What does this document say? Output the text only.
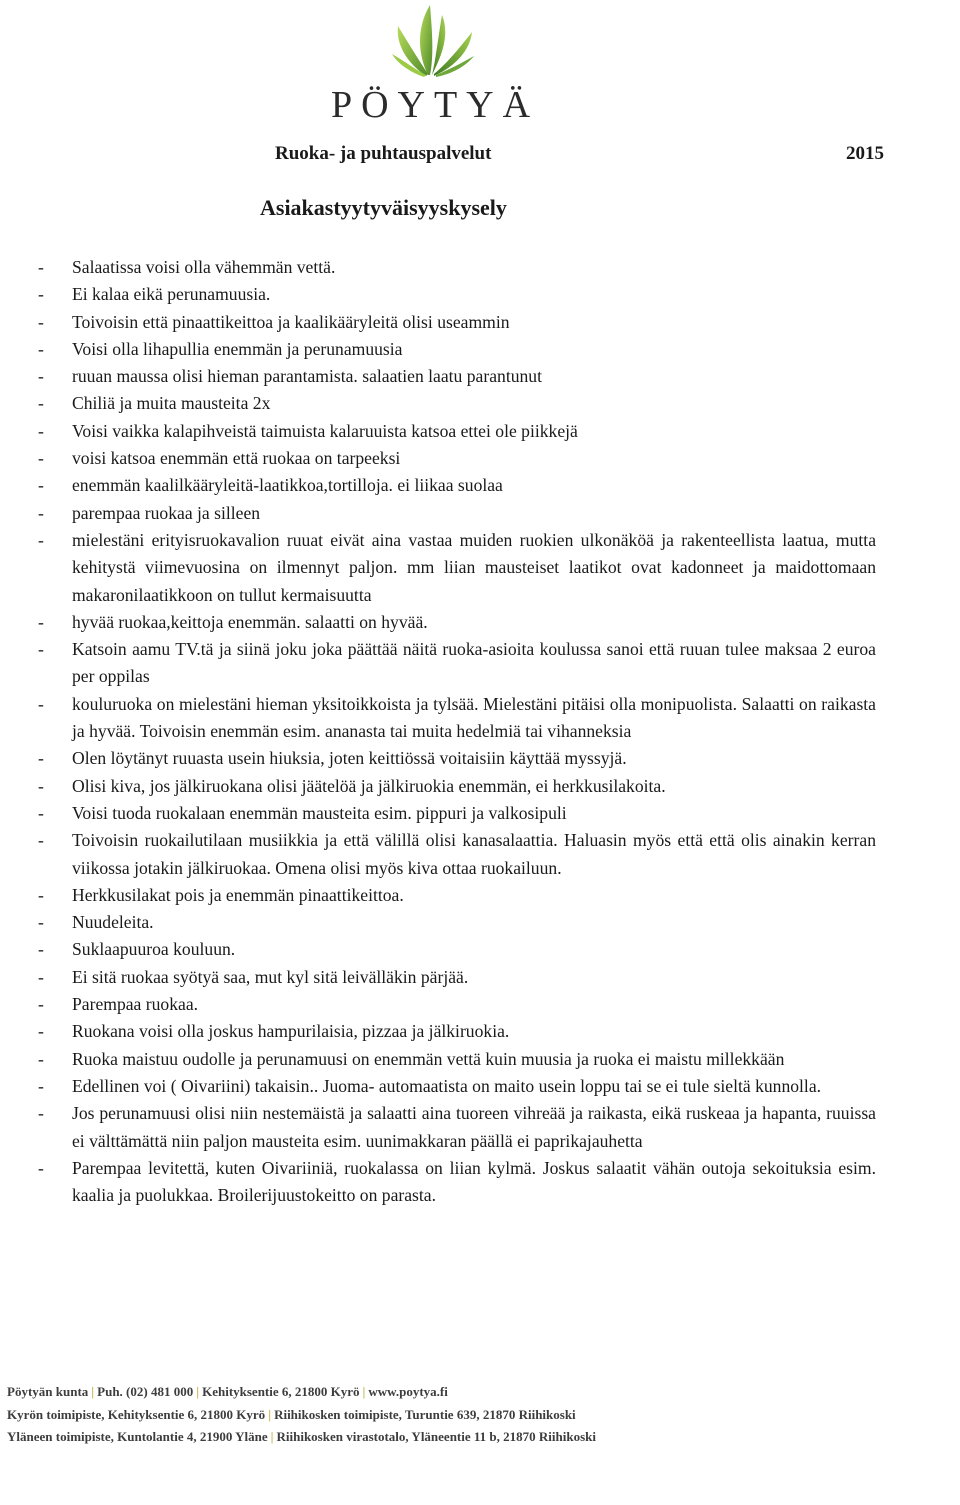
PÖYTYÄ
Ruoka- ja puhtauspalvelut	2015
Asiakastyytyväisyyskysely
- Salaatissa voisi olla vähemmän vettä.
- Ei kalaa eikä perunamuusia.
- Toivoisin että pinaattikeittoa ja kaalikääryleitä olisi useammin
- Voisi olla lihapullia enemmän ja perunamuusia
- ruuan maussa olisi hieman parantamista. salaatien laatu parantunut
- Chiliä ja muita mausteita 2x
- Voisi vaikka kalapihveistä taimuista kalaruuista katsoa ettei ole piikkejä
- voisi katsoa enemmän että ruokaa on tarpeeksi
- enemmän kaalilkääryleitä-laatikkoa,tortilloja. ei liikaa suolaa
- parempaa ruokaa ja silleen
- mielestäni erityisruokavalion ruuat eivät aina vastaa muiden ruokien ulkonäköä ja rakenteellista laatua, mutta kehitystä viimevuosina on ilmennyt paljon. mm liian mausteiset laatikot ovat kadonneet ja maidottomaan makaronilaatikkoon on tullut kermaisuutta
- hyvää ruokaa,keittoja enemmän. salaatti on hyvää.
- Katsoin aamu TV.tä ja siinä joku joka päättää näitä ruoka-asioita koulussa sanoi että ruuan tulee maksaa 2 euroa per oppilas
- kouluruoka on mielestäni hieman yksitoikkoista ja tylsää. Mielestäni pitäisi olla monipuolista. Salaatti on raikasta ja hyvää. Toivoisin enemmän esim. ananasta tai muita hedelmiä tai vihanneksia
- Olen löytänyt ruuasta usein hiuksia, joten keittiössä voitaisiin käyttää myssyjä.
- Olisi kiva, jos jälkiruokana olisi jäätelöä ja jälkiruokia enemmän, ei herkkusilakoita.
- Voisi tuoda ruokalaan enemmän mausteita esim. pippuri ja valkosipuli
- Toivoisin ruokailutilaan musiikkia ja että välillä olisi kanasalaattia. Haluasin myös että että olis ainakin kerran viikossa jotakin jälkiruokaa. Omena olisi myös kiva ottaa ruokailuun.
- Herkkusilakat pois ja enemmän pinaattikeittoa.
- Nuudeleita.
- Suklaapuuroa kouluun.
- Ei sitä ruokaa syötyä saa, mut kyl sitä leivälläkin pärjää.
- Parempaa ruokaa.
- Ruokana voisi olla joskus hampurilaisia, pizzaa ja jälkiruokia.
- Ruoka maistuu oudolle ja perunamuusi on enemmän vettä kuin muusia ja ruoka ei maistu millekkään
- Edellinen voi ( Oivariini) takaisin.. Juoma- automaatista on maito usein loppu tai se ei tule sieltä kunnolla.
- Jos perunamuusi olisi niin nestemäistä ja salaatti aina tuoreen vihreää ja raikasta, eikä ruskeaa ja hapanta, ruuissa ei välttämättä niin paljon mausteita esim. uunimakkaran päällä ei paprikajauhetta
- Parempaa levitettä, kuten Oivariiniä, ruokalassa on liian kylmä. Joskus salaatit vähän outoja sekoituksia esim. kaalia ja puolukkaa. Broilerijuustokeitto on parasta.
Pöytyän kunta | Puh. (02) 481 000 | Kehityksentie 6, 21800 Kyrö | www.poytya.fi
Kyrön toimipiste, Kehityksentie 6, 21800 Kyrö | Riihikosken toimipiste, Turuntie 639, 21870 Riihikoski
Yläneen toimipiste, Kuntolantie 4, 21900 Yläne | Riihikosken virastotalo, Yläneentie 11 b, 21870 Riihikoski
